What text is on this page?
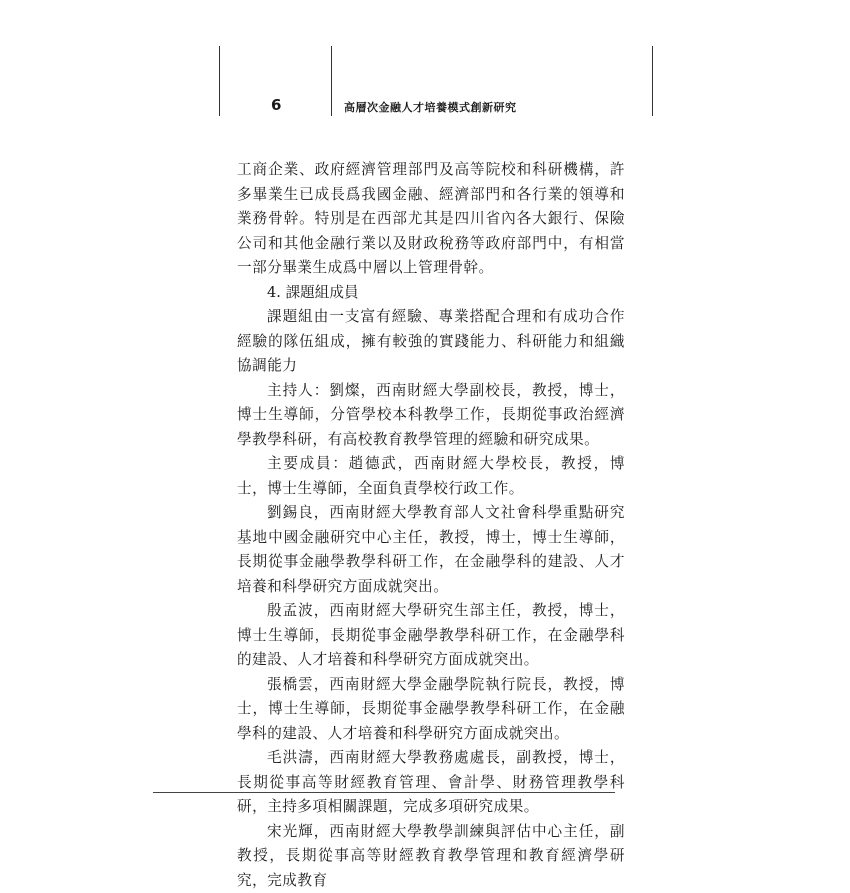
6	高層次金融人才培養模式創新研究

工商企業、政府經濟管理部門及高等院校和科研機構，許多畢業生已成長爲我國金融、經濟部門和各行業的領導和業務骨幹。特別是在西部尤其是四川省內各大銀行、保險公司和其他金融行業以及財政稅務等政府部門中，有相當一部分畢業生成爲中層以上管理骨幹。

4. 課題組成員

課題組由一支富有經驗、專業搭配合理和有成功合作經驗的隊伍組成，擁有較強的實踐能力、科研能力和組織協調能力

主持人：劉燦，西南財經大學副校長，教授，博士，博士生導師，分管學校本科教學工作，長期從事政治經濟學教學科研，有高校教育教學管理的經驗和研究成果。

主要成員：趙德武，西南財經大學校長，教授，博士，博士生導師，全面負責學校行政工作。

劉錫良，西南財經大學教育部人文社會科學重點研究基地中國金融研究中心主任，教授，博士，博士生導師，長期從事金融學教學科研工作，在金融學科的建設、人才培養和科學研究方面成就突出。

殷孟波，西南財經大學研究生部主任，教授，博士，博士生導師，長期從事金融學教學科研工作，在金融學科的建設、人才培養和科學研究方面成就突出。

張橋雲，西南財經大學金融學院執行院長，教授，博士，博士生導師，長期從事金融學教學科研工作，在金融學科的建設、人才培養和科學研究方面成就突出。

毛洪濤，西南財經大學教務處處長，副教授，博士，長期從事高等財經教育管理、會計學、財務管理教學科研，主持多項相關課題，完成多項研究成果。

宋光輝，西南財經大學教學訓練與評估中心主任，副教授，長期從事高等財經教育教學管理和教育經濟學研究，完成教育
